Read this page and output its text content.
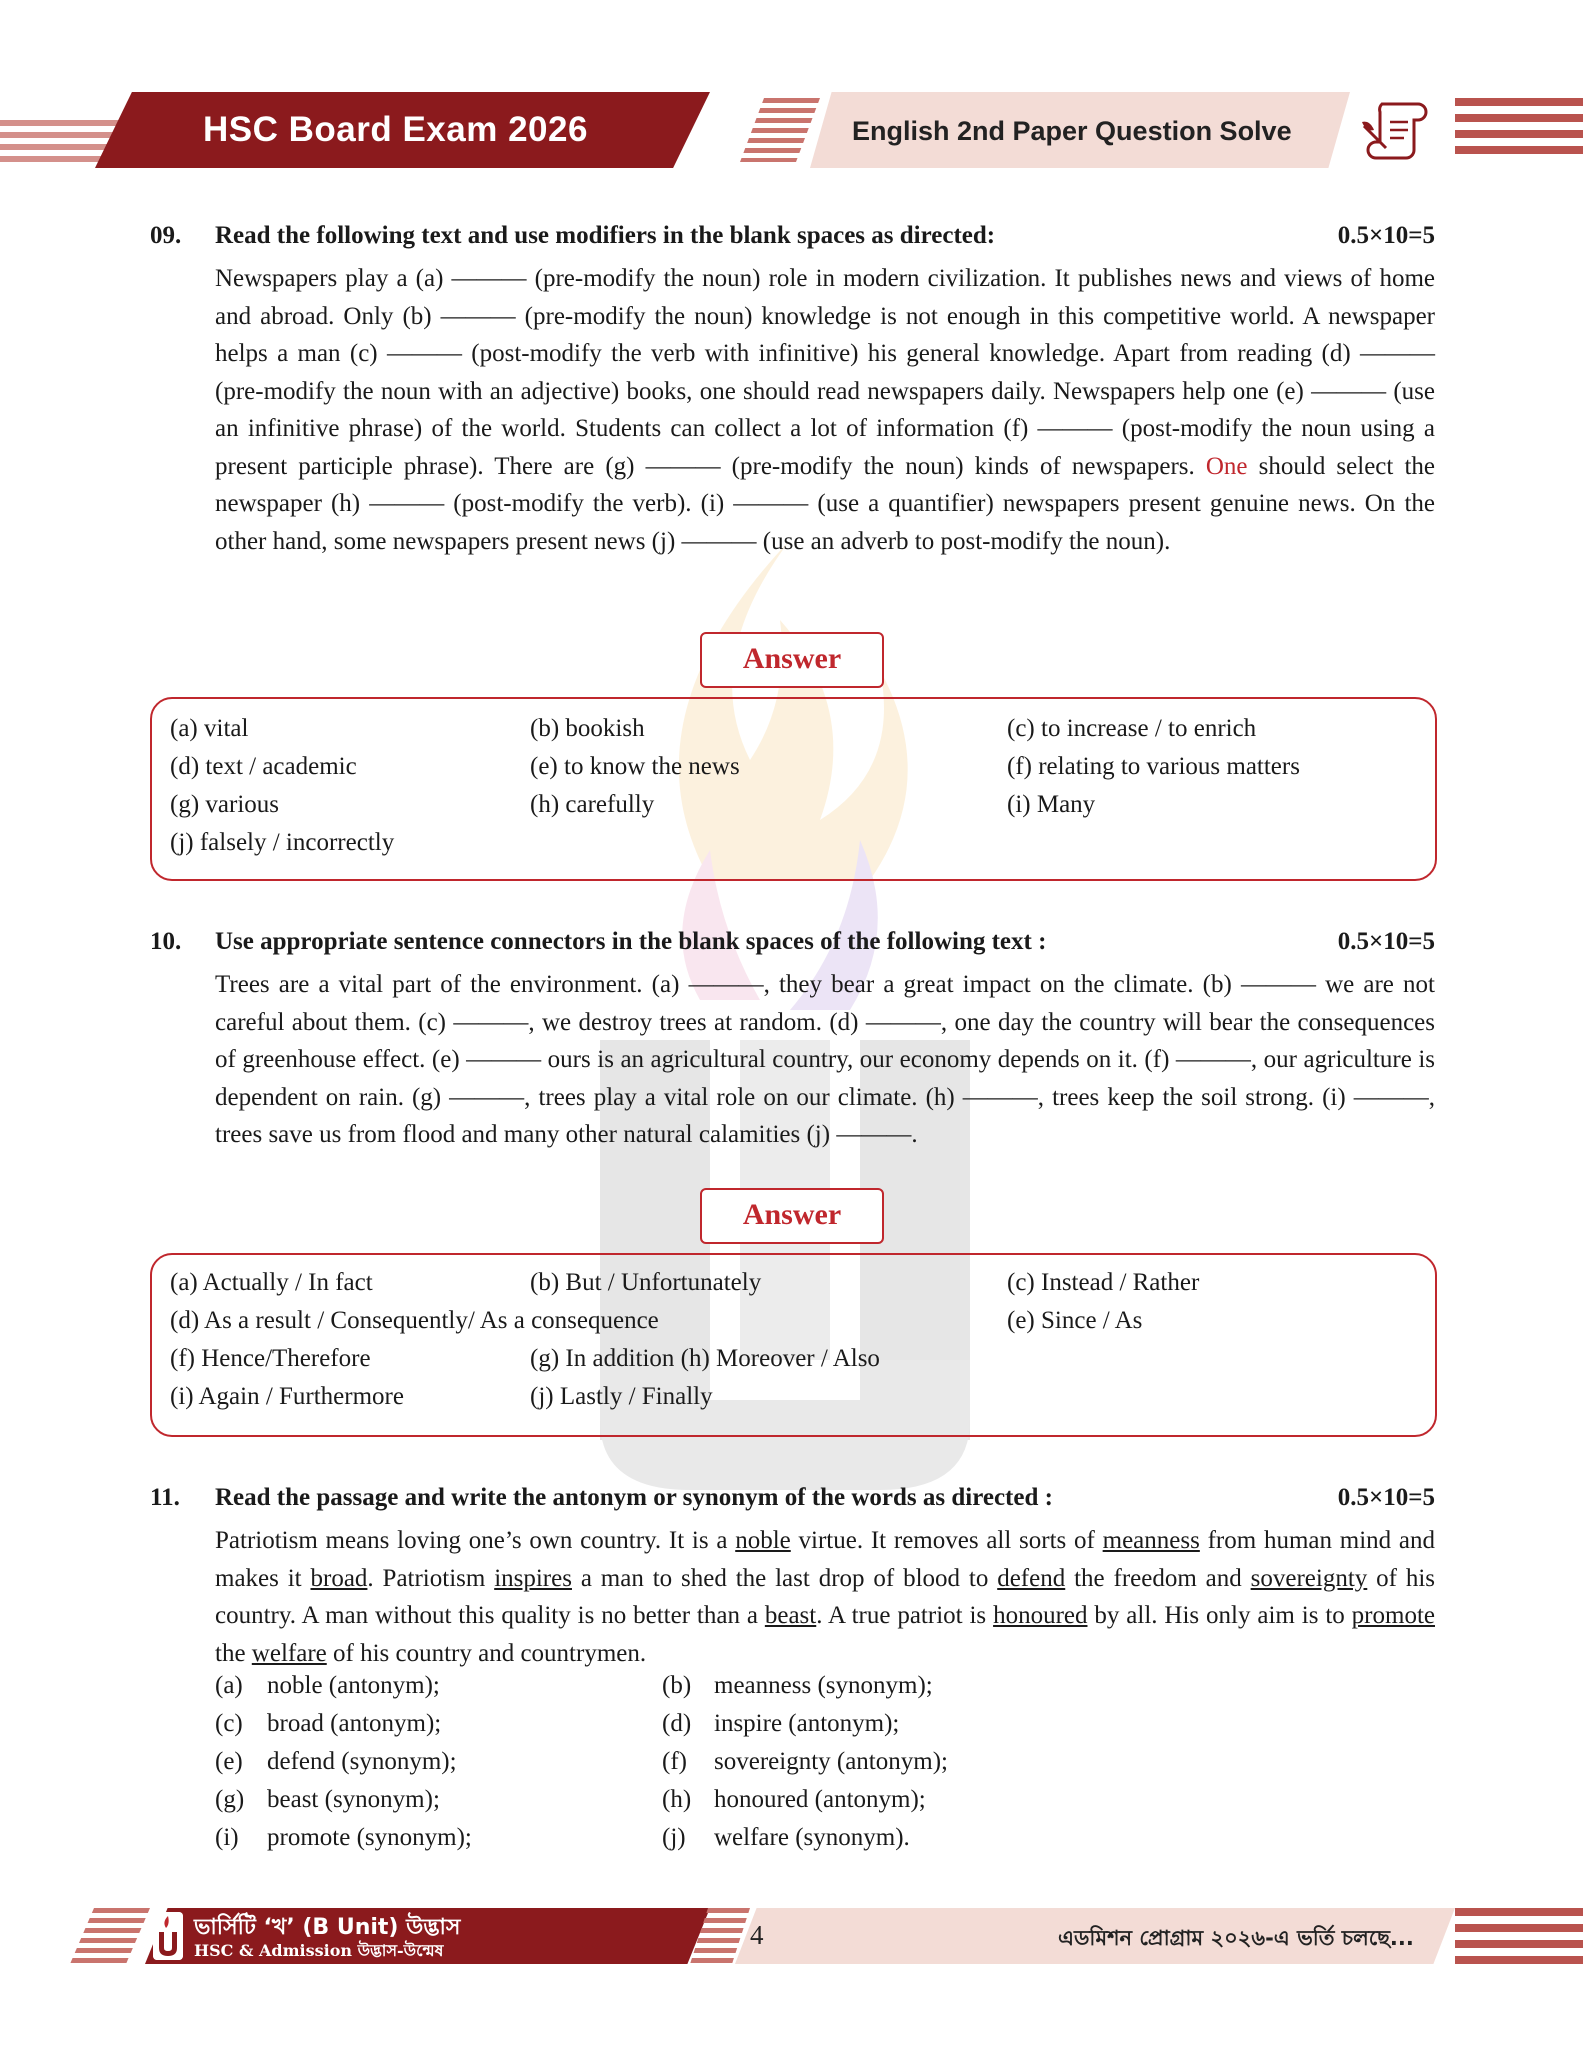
HSC Board Exam 2026	English 2nd Paper Question Solve
09. Read the following text and use modifiers in the blank spaces as directed:	0.5×10=5
Newspapers play a (a) ——— (pre-modify the noun) role in modern civilization. It publishes news and views of home and abroad. Only (b) ——— (pre-modify the noun) knowledge is not enough in this competitive world. A newspaper helps a man (c) ——— (post-modify the verb with infinitive) his general knowledge. Apart from reading (d) ——— (pre-modify the noun with an adjective) books, one should read newspapers daily. Newspapers help one (e) ——— (use an infinitive phrase) of the world. Students can collect a lot of information (f) ——— (post-modify the noun using a present participle phrase). There are (g) ——— (pre-modify the noun) kinds of newspapers. One should select the newspaper (h) ——— (post-modify the verb). (i) ——— (use a quantifier) newspapers present genuine news. On the other hand, some newspapers present news (j) ——— (use an adverb to post-modify the noun).
(a) vital	(b) bookish	(c) to increase / to enrich
(d) text / academic	(e) to know the news	(f) relating to various matters
(g) various	(h) carefully	(i) Many
(j) falsely / incorrectly
Answer
10. Use appropriate sentence connectors in the blank spaces of the following text :	0.5×10=5
Trees are a vital part of the environment. (a) ———, they bear a great impact on the climate. (b) ——— we are not careful about them. (c) ———, we destroy trees at random. (d) ———, one day the country will bear the consequences of greenhouse effect. (e) ——— ours is an agricultural country, our economy depends on it. (f) ———, our agriculture is dependent on rain. (g) ———, trees play a vital role on our climate. (h) ———, trees keep the soil strong. (i) ———, trees save us from flood and many other natural calamities (j) ———.
(a) Actually / In fact	(b) But / Unfortunately	(c) Instead / Rather
(d) As a result / Consequently/ As a consequence	(e) Since / As
(f) Hence/Therefore	(g) In addition (h) Moreover / Also
(i) Again / Furthermore	(j) Lastly / Finally
Answer
11. Read the passage and write the antonym or synonym of the words as directed :	0.5×10=5
Patriotism means loving one’s own country. It is a noble virtue. It removes all sorts of meanness from human mind and makes it broad. Patriotism inspires a man to shed the last drop of blood to defend the freedom and sovereignty of his country. A man without this quality is no better than a beast. A true patriot is honoured by all. His only aim is to promote the welfare of his country and countrymen.
(a) noble (antonym);	(b) meanness (synonym);
(c) broad (antonym);	(d) inspire (antonym);
(e) defend (synonym);	(f) sovereignty (antonym);
(g) beast (synonym);	(h) honoured (antonym);
(i) promote (synonym);	(j) welfare (synonym).
ভার্সিটি ‘খ’ (B Unit) উদ্ভাস
HSC & Admission উদ্ভাস-উন্মেষ
4	এডমিশন প্রোগ্রাম ২০২৬-এ ভর্তি চলছে...
